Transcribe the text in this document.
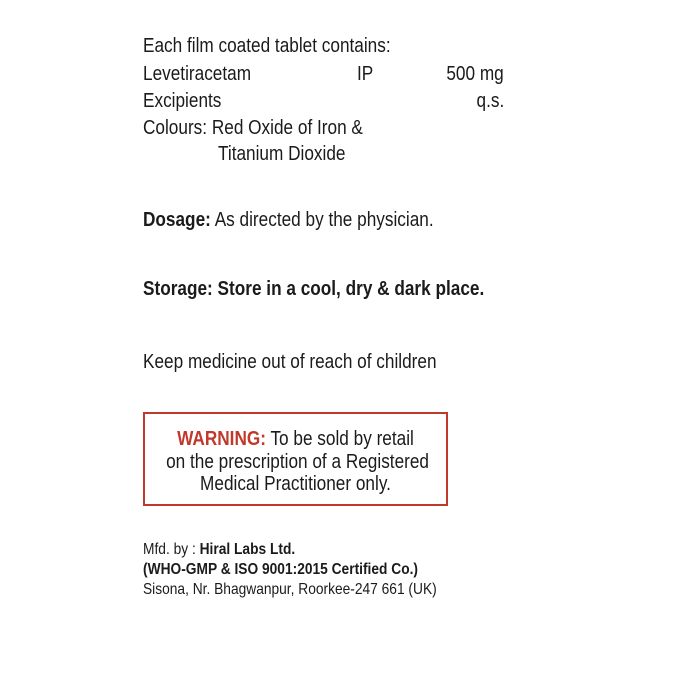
Each film coated tablet contains:
Levetiracetam	IP	500 mg
Excipients	q.s.
Colours: Red Oxide of Iron &
Titanium Dioxide
Dosage: As directed by the physician.
Storage: Store in a cool, dry & dark place.
Keep medicine out of reach of children
WARNING: To be sold by retail
on the prescription of a Registered
Medical Practitioner only.
Mfd. by : Hiral Labs Ltd.
(WHO-GMP & ISO 9001:2015 Certified Co.)
Sisona, Nr. Bhagwanpur, Roorkee-247 661 (UK)
